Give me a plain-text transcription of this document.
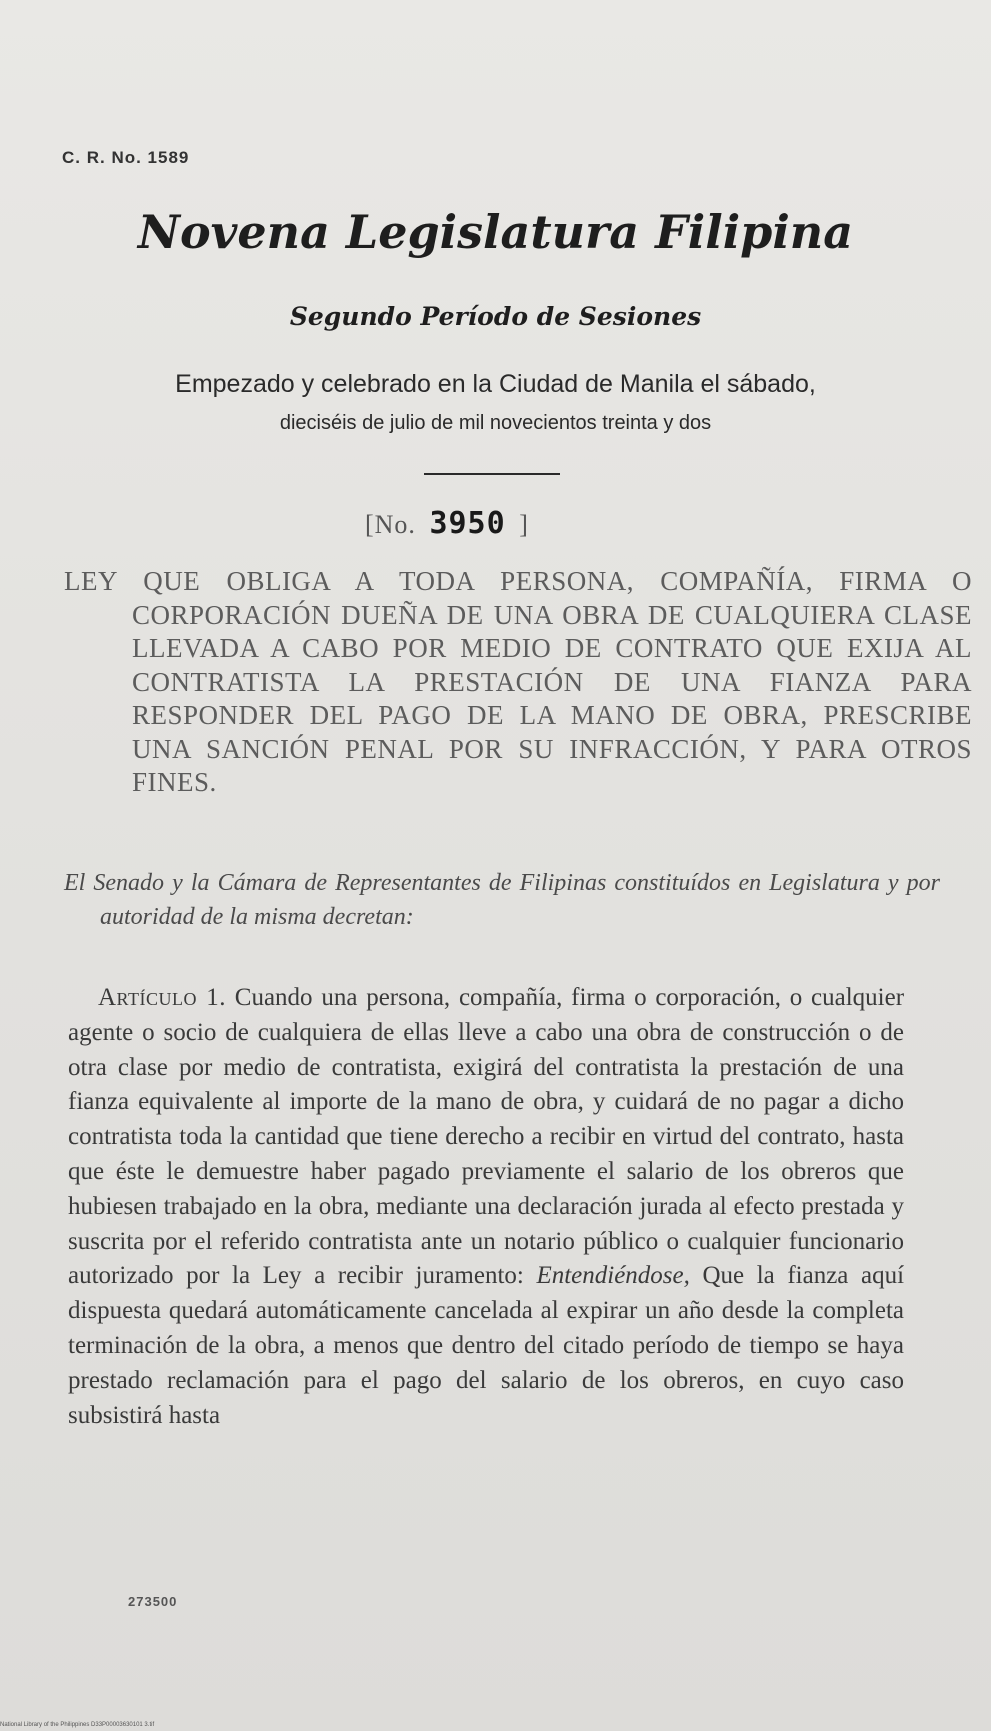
C. R. No. 1589
Novena Legislatura Filipina
Segundo Período de Sesiones
Empezado y celebrado en la Ciudad de Manila el sábado,
dieciséis de julio de mil novecientos treinta y dos
[No. 3950 ]
LEY QUE OBLIGA A TODA PERSONA, COMPAÑÍA, FIRMA O CORPORACIÓN DUEÑA DE UNA OBRA DE CUALQUIERA CLASE LLEVADA A CABO POR MEDIO DE CONTRATO QUE EXIJA AL CONTRATISTA LA PRESTACIÓN DE UNA FIANZA PARA RESPONDER DEL PAGO DE LA MANO DE OBRA, PRESCRIBE UNA SANCIÓN PENAL POR SU INFRACCIÓN, Y PARA OTROS FINES.
El Senado y la Cámara de Representantes de Filipinas constituídos en Legislatura y por autoridad de la misma decretan:
Artículo 1. Cuando una persona, compañía, firma o corporación, o cualquier agente o socio de cualquiera de ellas lleve a cabo una obra de construcción o de otra clase por medio de contratista, exigirá del contratista la prestación de una fianza equivalente al importe de la mano de obra, y cuidará de no pagar a dicho contratista toda la cantidad que tiene derecho a recibir en virtud del contrato, hasta que éste le demuestre haber pagado previamente el salario de los obreros que hubiesen trabajado en la obra, mediante una declaración jurada al efecto prestada y suscrita por el referido contratista ante un notario público o cualquier funcionario autorizado por la Ley a recibir juramento: Entendiéndose, Que la fianza aquí dispuesta quedará automáticamente cancelada al expirar un año desde la completa terminación de la obra, a menos que dentro del citado período de tiempo se haya prestado reclamación para el pago del salario de los obreros, en cuyo caso subsistirá hasta
273500
National Library of the Philippines D33P00003630101 3.tif
